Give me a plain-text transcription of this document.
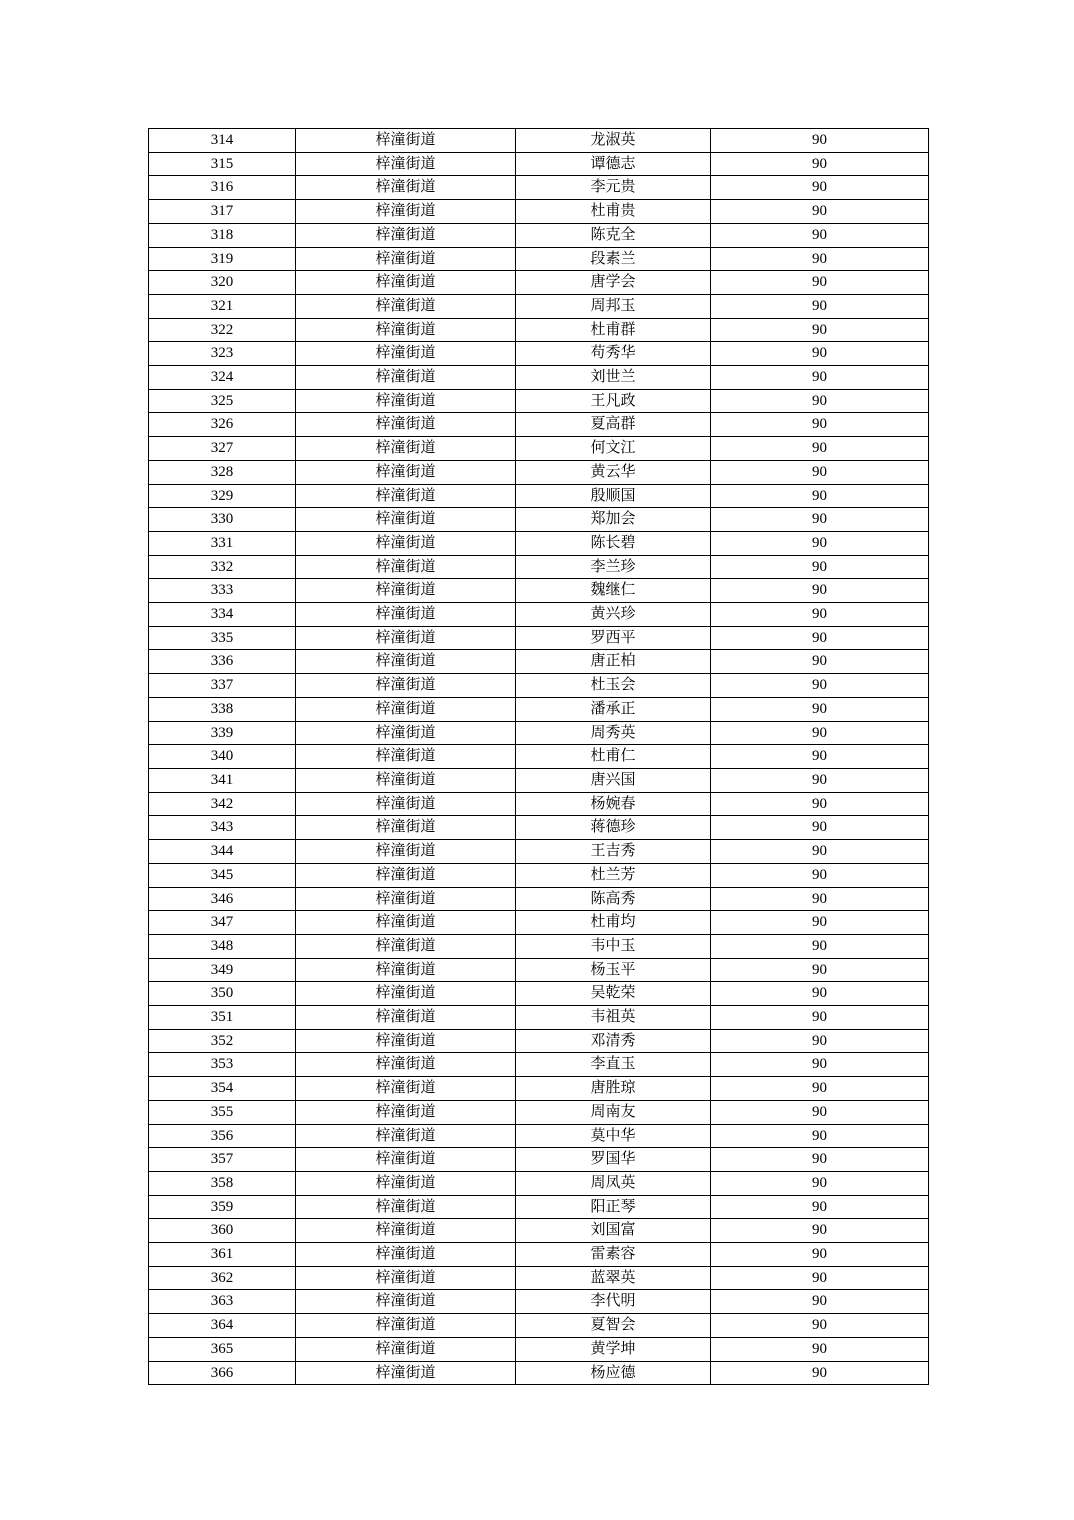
314	梓潼街道	龙淑英	90
315	梓潼街道	谭德志	90
316	梓潼街道	李元贵	90
317	梓潼街道	杜甫贵	90
318	梓潼街道	陈克全	90
319	梓潼街道	段素兰	90
320	梓潼街道	唐学会	90
321	梓潼街道	周邦玉	90
322	梓潼街道	杜甫群	90
323	梓潼街道	苟秀华	90
324	梓潼街道	刘世兰	90
325	梓潼街道	王凡政	90
326	梓潼街道	夏高群	90
327	梓潼街道	何文江	90
328	梓潼街道	黄云华	90
329	梓潼街道	殷顺国	90
330	梓潼街道	郑加会	90
331	梓潼街道	陈长碧	90
332	梓潼街道	李兰珍	90
333	梓潼街道	魏继仁	90
334	梓潼街道	黄兴珍	90
335	梓潼街道	罗西平	90
336	梓潼街道	唐正柏	90
337	梓潼街道	杜玉会	90
338	梓潼街道	潘承正	90
339	梓潼街道	周秀英	90
340	梓潼街道	杜甫仁	90
341	梓潼街道	唐兴国	90
342	梓潼街道	杨婉春	90
343	梓潼街道	蒋德珍	90
344	梓潼街道	王吉秀	90
345	梓潼街道	杜兰芳	90
346	梓潼街道	陈高秀	90
347	梓潼街道	杜甫均	90
348	梓潼街道	韦中玉	90
349	梓潼街道	杨玉平	90
350	梓潼街道	吴乾荣	90
351	梓潼街道	韦祖英	90
352	梓潼街道	邓清秀	90
353	梓潼街道	李直玉	90
354	梓潼街道	唐胜琼	90
355	梓潼街道	周南友	90
356	梓潼街道	莫中华	90
357	梓潼街道	罗国华	90
358	梓潼街道	周凤英	90
359	梓潼街道	阳正琴	90
360	梓潼街道	刘国富	90
361	梓潼街道	雷素容	90
362	梓潼街道	蓝翠英	90
363	梓潼街道	李代明	90
364	梓潼街道	夏智会	90
365	梓潼街道	黄学坤	90
366	梓潼街道	杨应德	90
